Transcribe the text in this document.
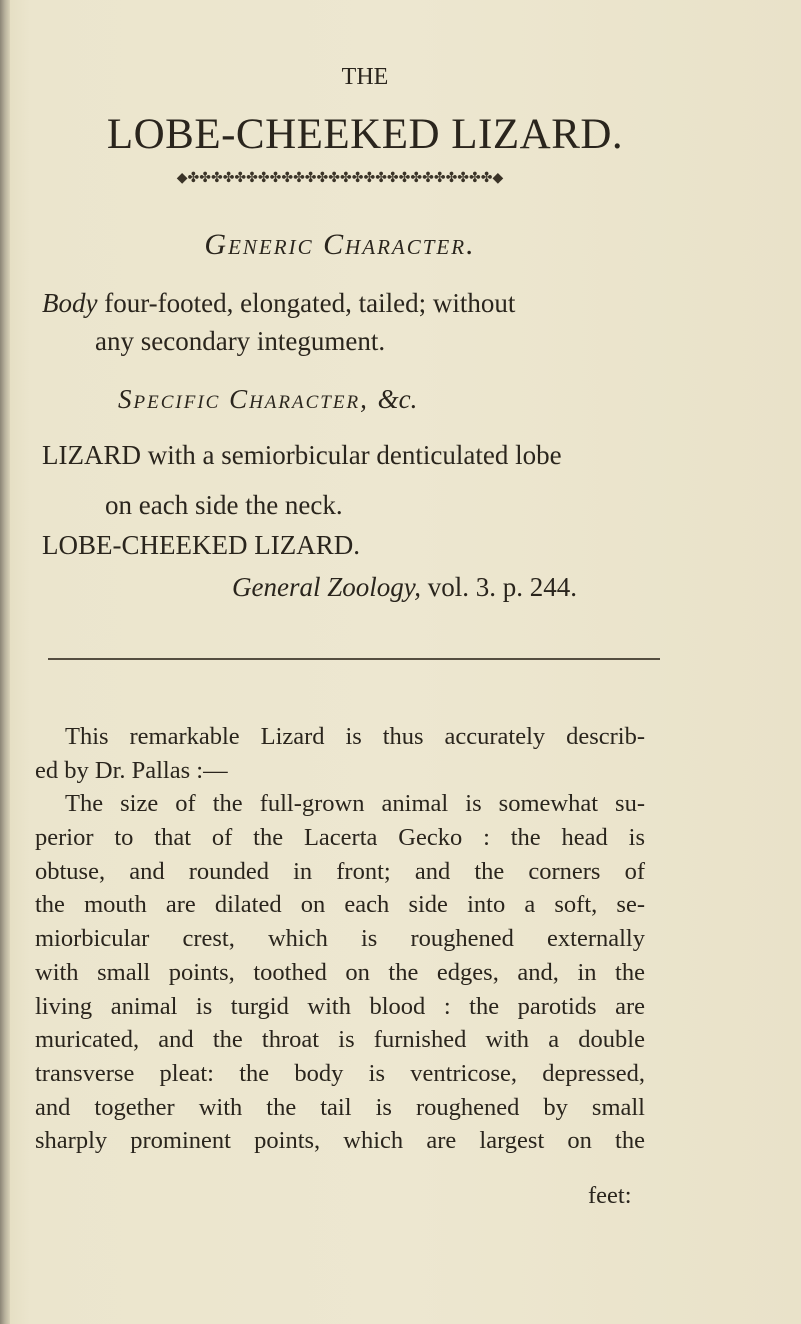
THE
LOBE-CHEEKED LIZARD.
◆✤✤✤✤✤✤✤✤✤✤✤✤✤✤✤✤✤✤✤✤✤✤✤✤✤✤◆
Generic Character.
Body four-footed, elongated, tailed; without
any secondary integument.
Specific Character, &c.
LIZARD with a semiorbicular denticulated lobe
on each side the neck.
LOBE-CHEEKED LIZARD.
General Zoology, vol. 3. p. 244.
This remarkable Lizard is thus accurately describ-
ed by Dr. Pallas :—
The size of the full-grown animal is somewhat su-
perior to that of the Lacerta Gecko : the head is
obtuse, and rounded in front; and the corners of
the mouth are dilated on each side into a soft, se-
miorbicular crest, which is roughened externally
with small points, toothed on the edges, and, in the
living animal is turgid with blood : the parotids are
muricated, and the throat is furnished with a double
transverse pleat: the body is ventricose, depressed,
and together with the tail is roughened by small
sharply prominent points, which are largest on the
feet:
